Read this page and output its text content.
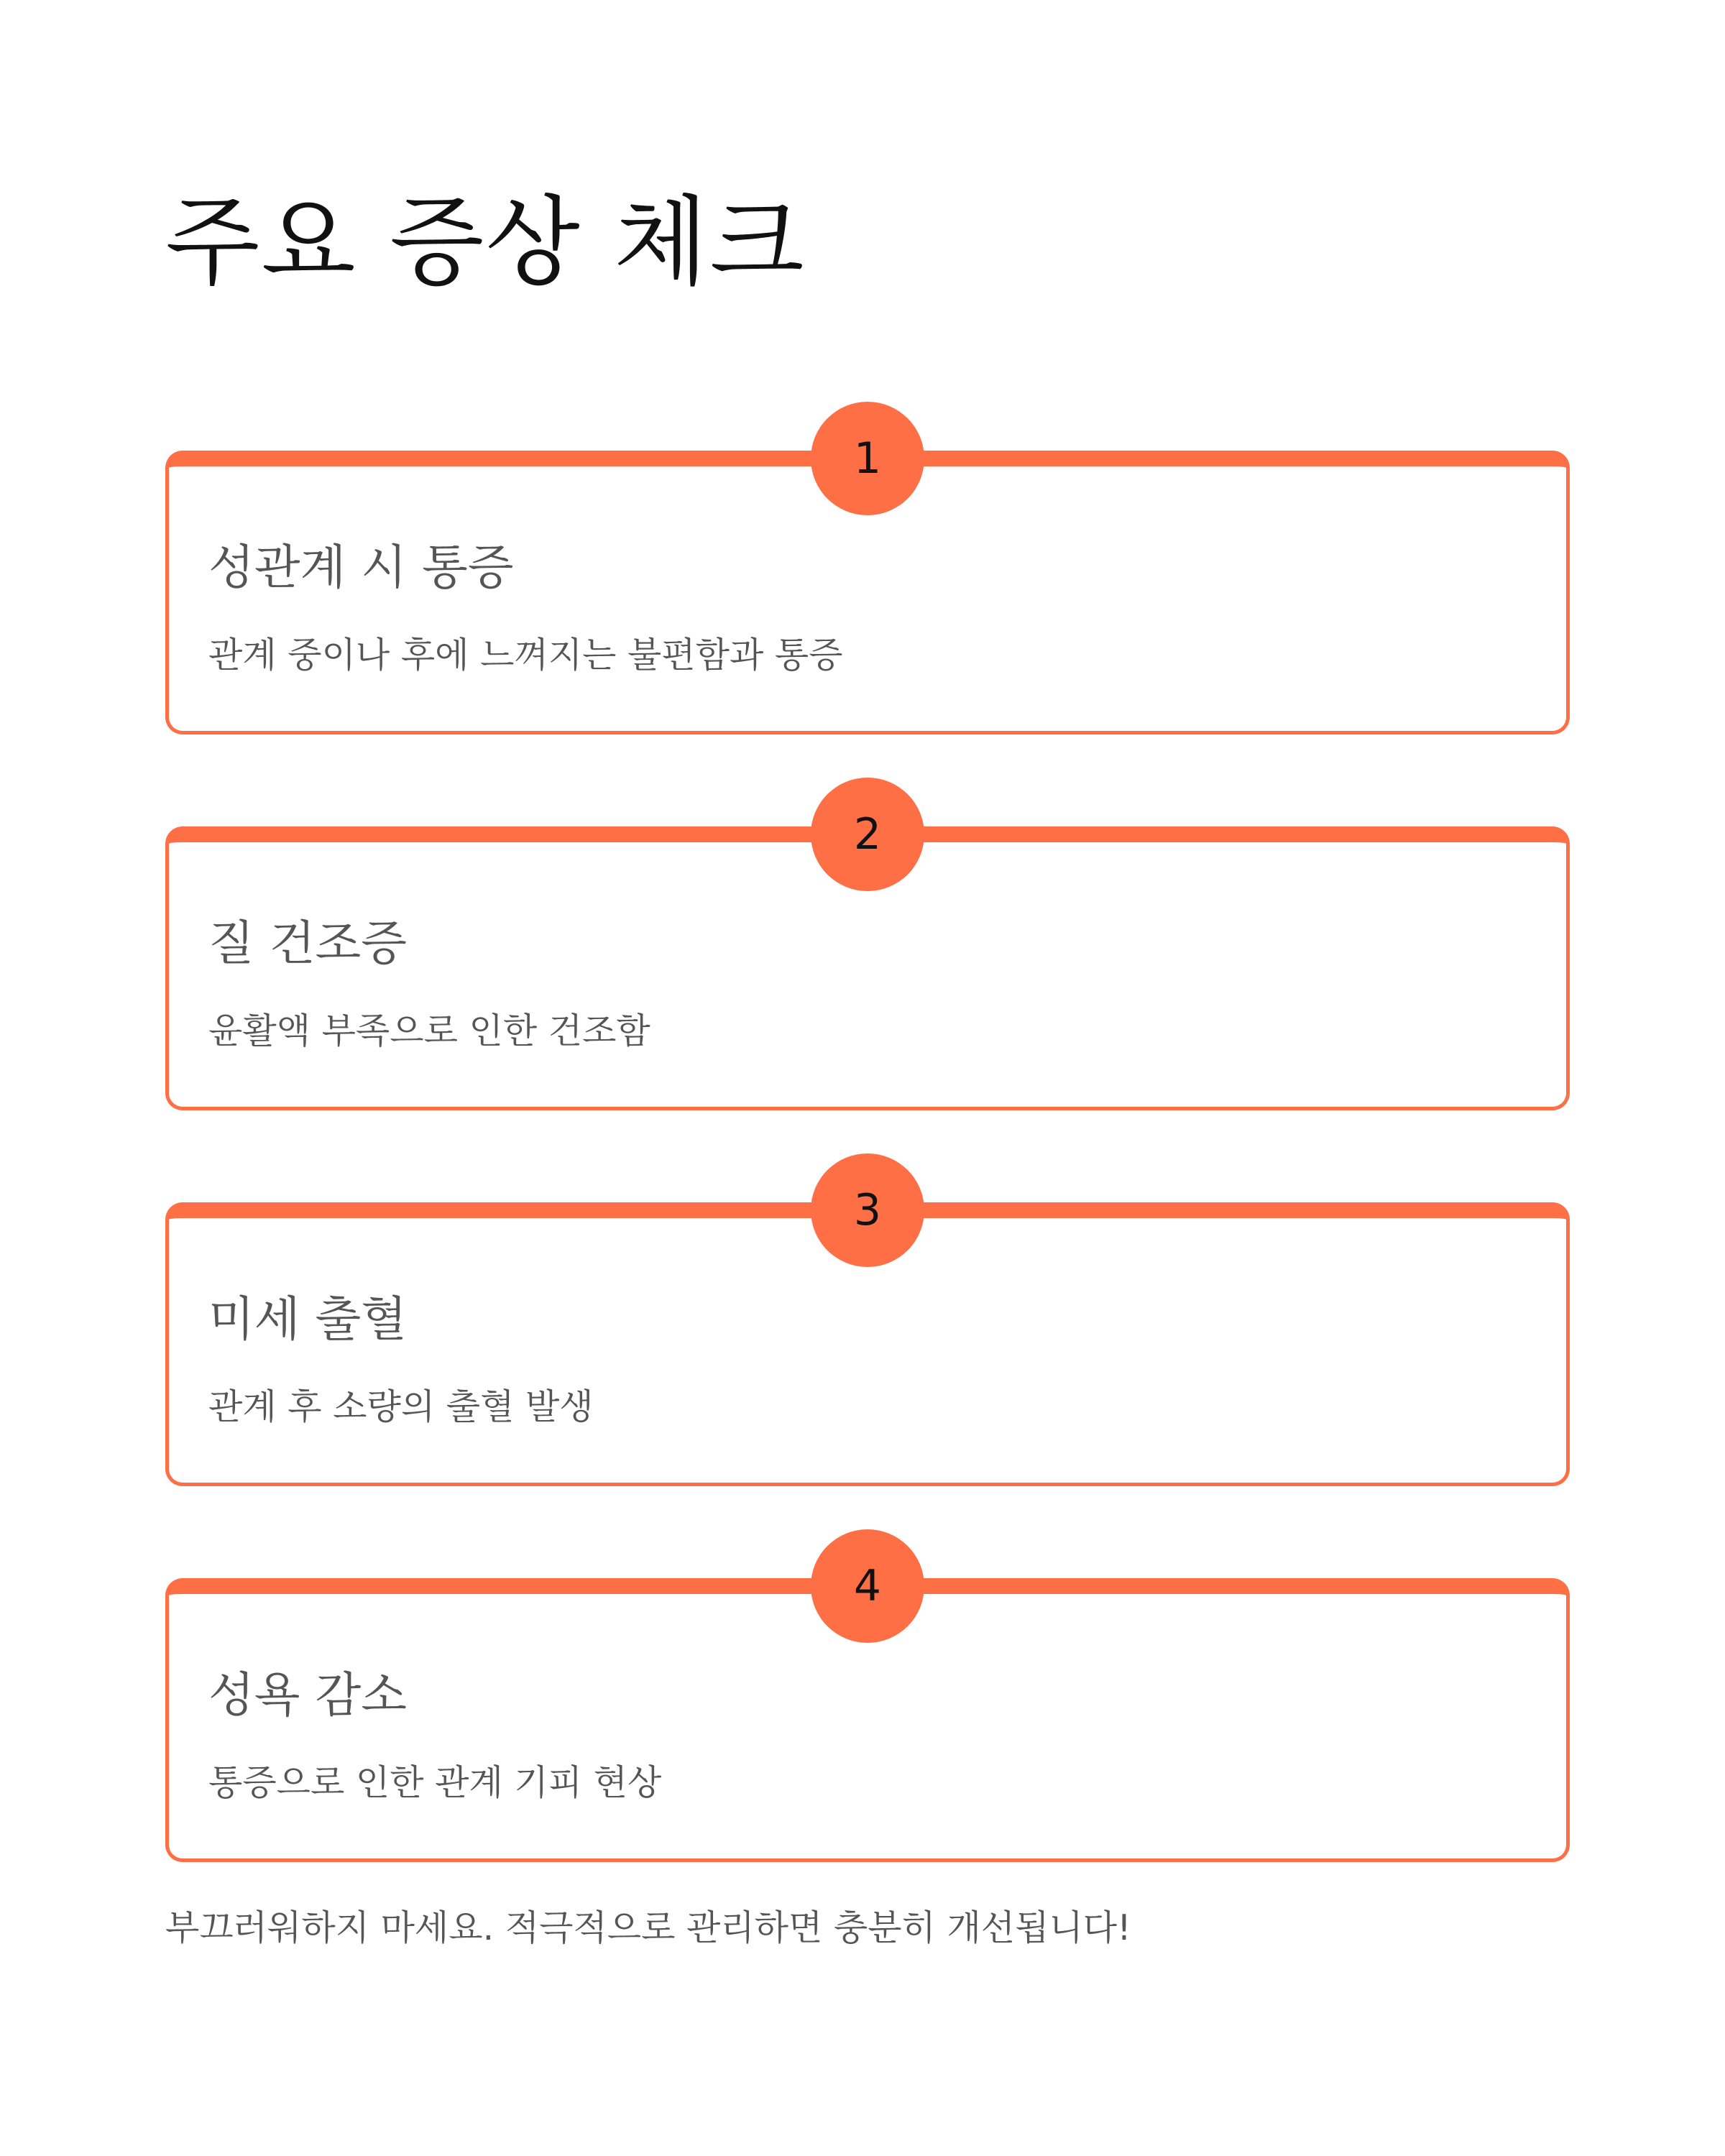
주요 증상 체크
1
성관계 시 통증
관계 중이나 후에 느껴지는 불편함과 통증
2
질 건조증
윤활액 부족으로 인한 건조함
3
미세 출혈
관계 후 소량의 출혈 발생
4
성욕 감소
통증으로 인한 관계 기피 현상
부끄러워하지 마세요. 적극적으로 관리하면 충분히 개선됩니다!
